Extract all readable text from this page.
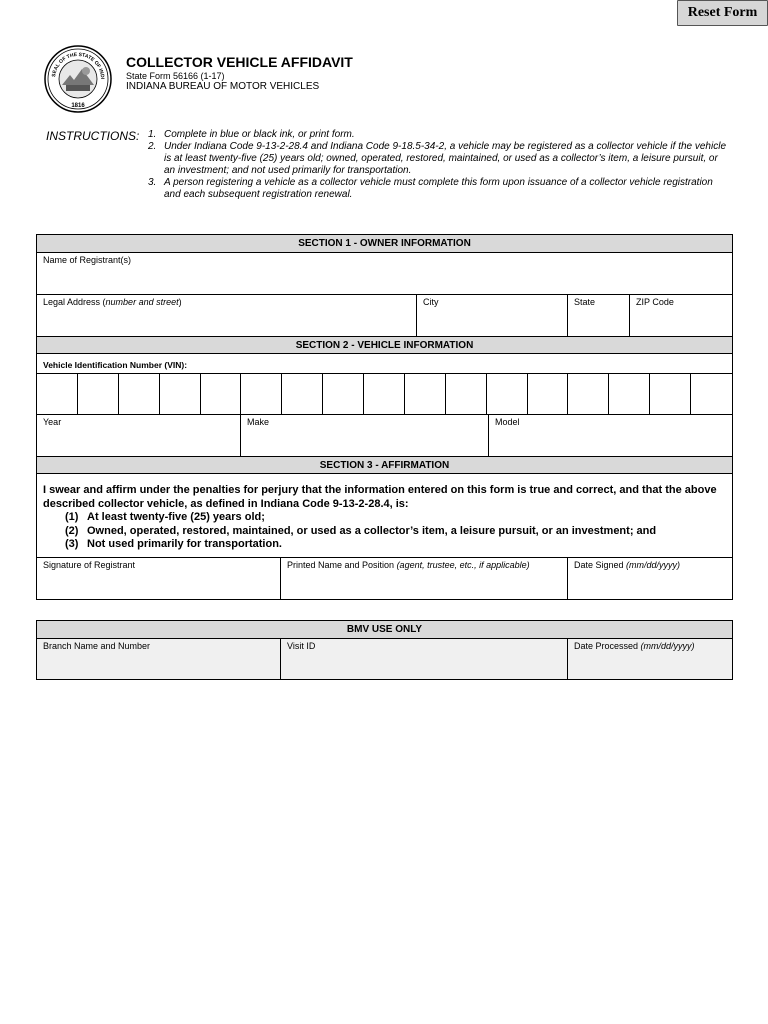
Reset Form
SEAL OF THE STATE OF INDI
1816
COLLECTOR VEHICLE AFFIDAVIT
State Form 56166 (1-17)
INDIANA BUREAU OF MOTOR VEHICLES
INSTRUCTIONS: 1. Complete in blue or black ink, or print form.
2. Under Indiana Code 9-13-2-28.4 and Indiana Code 9-18.5-34-2, a vehicle may be registered as a collector vehicle if the vehicle is at least twenty-five (25) years old; owned, operated, restored, maintained, or used as a collector’s item, a leisure pursuit, or an investment; and not used primarily for transportation.
3. A person registering a vehicle as a collector vehicle must complete this form upon issuance of a collector vehicle registration and each subsequent registration renewal.
SECTION 1 - OWNER INFORMATION
Name of Registrant(s)
Legal Address (number and street)	City	State	ZIP Code
SECTION 2 - VEHICLE INFORMATION
Vehicle Identification Number (VIN):
Year	Make	Model
SECTION 3 - AFFIRMATION
I swear and affirm under the penalties for perjury that the information entered on this form is true and correct, and that the above described collector vehicle, as defined in Indiana Code 9-13-2-28.4, is:
(1) At least twenty-five (25) years old;
(2) Owned, operated, restored, maintained, or used as a collector’s item, a leisure pursuit, or an investment; and
(3) Not used primarily for transportation.
Signature of Registrant	Printed Name and Position (agent, trustee, etc., if applicable)	Date Signed (mm/dd/yyyy)
BMV USE ONLY
Branch Name and Number	Visit ID	Date Processed (mm/dd/yyyy)
